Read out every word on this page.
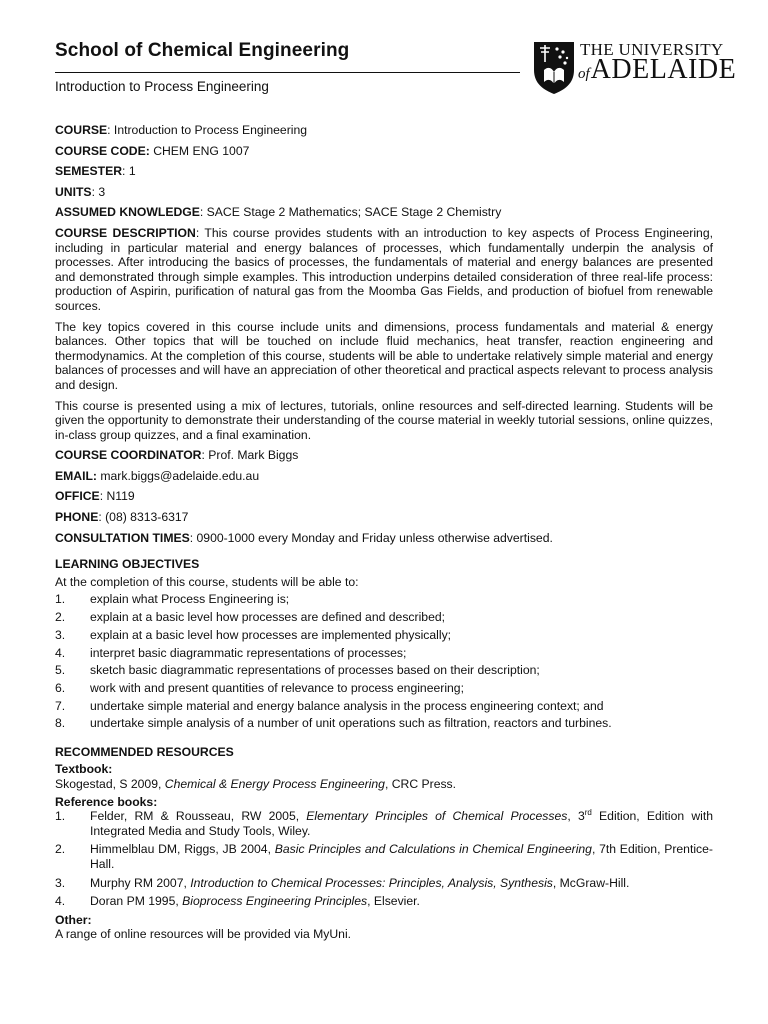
School of Chemical Engineering
Introduction to Process Engineering
THE UNIVERSITY
ofADELAIDE

COURSE: Introduction to Process Engineering

COURSE CODE: CHEM ENG 1007

SEMESTER: 1

UNITS: 3

ASSUMED KNOWLEDGE: SACE Stage 2 Mathematics; SACE Stage 2 Chemistry

COURSE DESCRIPTION: This course provides students with an introduction to key aspects of Process Engineering, including in particular material and energy balances of processes, which fundamentally underpin the analysis of processes. After introducing the basics of processes, the fundamentals of material and energy balances are presented and demonstrated through simple examples. This introduction underpins detailed consideration of three real-life process: production of Aspirin, purification of natural gas from the Moomba Gas Fields, and production of biofuel from renewable sources.

The key topics covered in this course include units and dimensions, process fundamentals and material & energy balances. Other topics that will be touched on include fluid mechanics, heat transfer, reaction engineering and thermodynamics. At the completion of this course, students will be able to undertake relatively simple material and energy balances of processes and will have an appreciation of other theoretical and practical aspects relevant to process analysis and design.

This course is presented using a mix of lectures, tutorials, online resources and self-directed learning. Students will be given the opportunity to demonstrate their understanding of the course material in weekly tutorial sessions, online quizzes, in-class group quizzes, and a final examination.

COURSE COORDINATOR: Prof. Mark Biggs

EMAIL: mark.biggs@adelaide.edu.au

OFFICE: N119

PHONE: (08) 8313-6317

CONSULTATION TIMES: 0900-1000 every Monday and Friday unless otherwise advertised.

LEARNING OBJECTIVES

At the completion of this course, students will be able to:

1. explain what Process Engineering is;
2. explain at a basic level how processes are defined and described;
3. explain at a basic level how processes are implemented physically;
4. interpret basic diagrammatic representations of processes;
5. sketch basic diagrammatic representations of processes based on their description;
6. work with and present quantities of relevance to process engineering;
7. undertake simple material and energy balance analysis in the process engineering context; and
8. undertake simple analysis of a number of unit operations such as filtration, reactors and turbines.
RECOMMENDED RESOURCES
Textbook:
Skogestad, S 2009, Chemical & Energy Process Engineering, CRC Press.
Reference books:
1. Felder, RM & Rousseau, RW 2005, Elementary Principles of Chemical Processes, 3rd Edition, Edition with Integrated Media and Study Tools, Wiley.
2. Himmelblau DM, Riggs, JB 2004, Basic Principles and Calculations in Chemical Engineering, 7th Edition, Prentice-Hall.
3. Murphy RM 2007, Introduction to Chemical Processes: Principles, Analysis, Synthesis, McGraw-Hill.
4. Doran PM 1995, Bioprocess Engineering Principles, Elsevier.
Other:
A range of online resources will be provided via MyUni.
